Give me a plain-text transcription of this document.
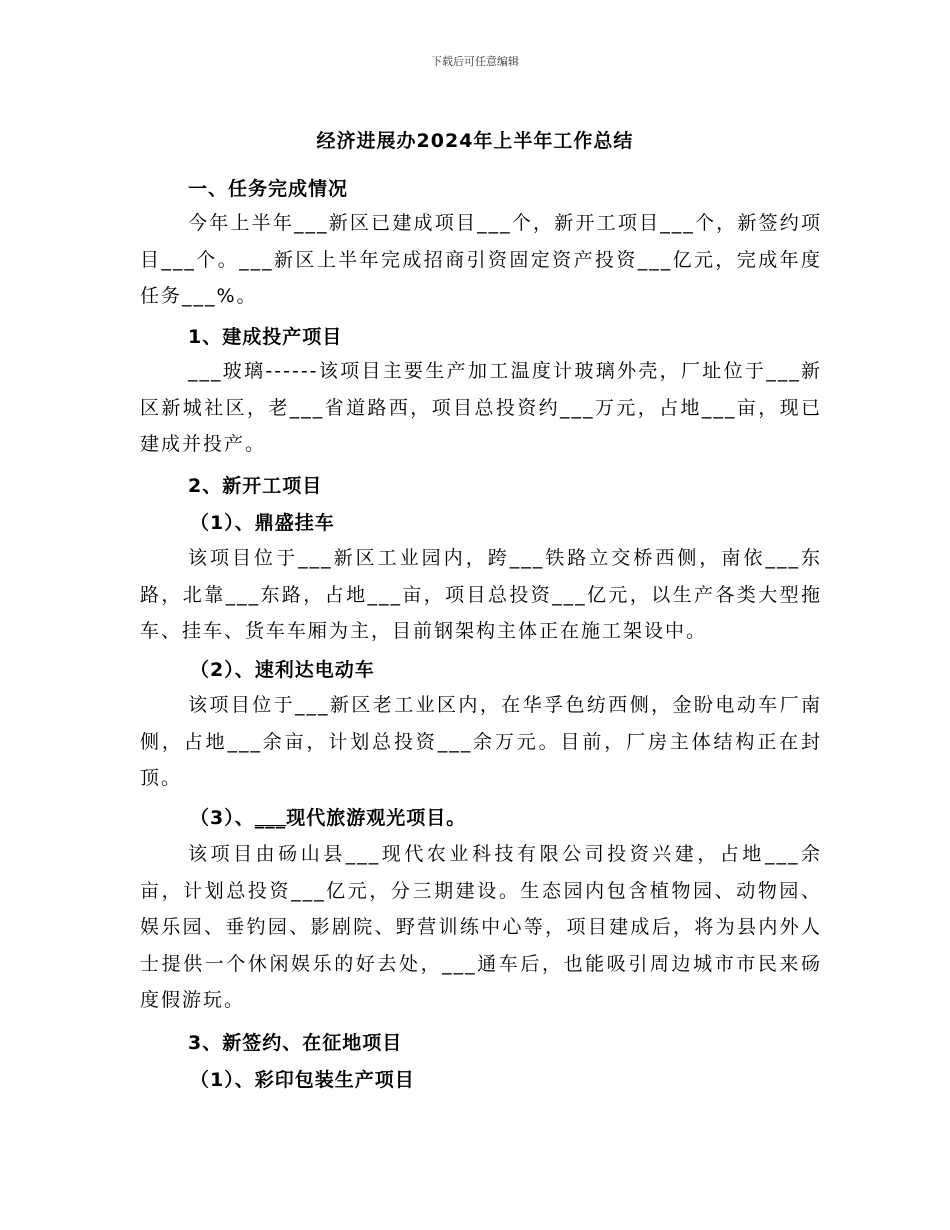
下载后可任意编辑
经济进展办2024年上半年工作总结
一、任务完成情况
今年上半年___新区已建成项目___个，新开工项目___个，新签约项目___个。___新区上半年完成招商引资固定资产投资___亿元，完成年度任务___%。
1、建成投产项目
___玻璃------该项目主要生产加工温度计玻璃外壳，厂址位于___新区新城社区，老___省道路西，项目总投资约___万元，占地___亩，现已建成并投产。
2、新开工项目
（1）、鼎盛挂车
该项目位于___新区工业园内，跨___铁路立交桥西侧，南依___东路，北靠___东路，占地___亩，项目总投资___亿元，以生产各类大型拖车、挂车、货车车厢为主，目前钢架构主体正在施工架设中。
（2）、速利达电动车
该项目位于___新区老工业区内，在华孚色纺西侧，金盼电动车厂南侧，占地___余亩，计划总投资___余万元。目前，厂房主体结构正在封顶。
（3）、___现代旅游观光项目。
该项目由砀山县___现代农业科技有限公司投资兴建，占地___余亩，计划总投资___亿元，分三期建设。生态园内包含植物园、动物园、娱乐园、垂钓园、影剧院、野营训练中心等，项目建成后，将为县内外人士提供一个休闲娱乐的好去处，___通车后，也能吸引周边城市市民来砀度假游玩。
3、新签约、在征地项目
（1）、彩印包装生产项目
